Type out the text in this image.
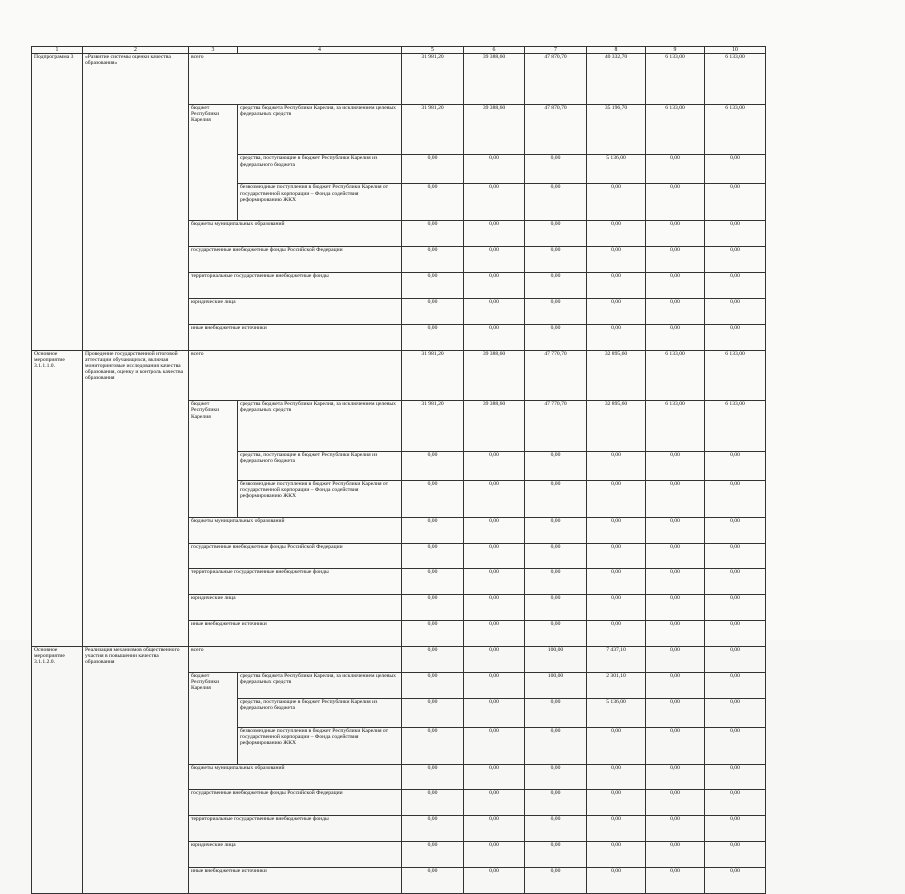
1	2	3	4	5	6	7	8	9	10	
Подпрограмма 3	«Развитие системы оценки качества образования»	всего		31 981,20	39 388,60	47 870,70	40 332,70	6 133,00	6 133,00	
		бюджет Республики Карелия	средства бюджета Республики Карелия, за исключением целевых федеральных средств	31 981,20	39 388,60	47 870,70	35 196,70	6 133,00	6 133,00	
			средства, поступающие в бюджет Республики Карелия из федерального бюджета	0,00	0,00	0,00	5 136,00	0,00	0,00	
			безвозмездные поступления в бюджет Республики Карелия от государственной корпорации – Фонда содействия реформированию ЖКХ	0,00	0,00	0,00	0,00	0,00	0,00	
		бюджеты муниципальных образований		0,00	0,00	0,00	0,00	0,00	0,00	
		государственные внебюджетные фонды Российской Федерации		0,00	0,00	0,00	0,00	0,00	0,00	
		территориальные государственные внебюджетные фонды		0,00	0,00	0,00	0,00	0,00	0,00	
		юридические лица		0,00	0,00	0,00	0,00	0,00	0,00	
		иные внебюджетные источники		0,00	0,00	0,00	0,00	0,00	0,00	
Основное мероприятие 3.1.1.1.0.	Проведение государственной итоговой аттестации обучающихся, включая мониторинговые исследования качества образования, оценку и контроль качества образования	всего		31 981,20	39 388,60	47 770,70	32 895,60	6 133,00	6 133,00	
		бюджет Республики Карелия	средства бюджета Республики Карелия, за исключением целевых федеральных средств	31 981,20	39 388,60	47 770,70	32 895,60	6 133,00	6 133,00	
			средства, поступающие в бюджет Республики Карелия из федерального бюджета	0,00	0,00	0,00	0,00	0,00	0,00	
			безвозмездные поступления в бюджет Республики Карелия от государственной корпорации – Фонда содействия реформированию ЖКХ	0,00	0,00	0,00	0,00	0,00	0,00	
		бюджеты муниципальных образований		0,00	0,00	0,00	0,00	0,00	0,00	
		государственные внебюджетные фонды Российской Федерации		0,00	0,00	0,00	0,00	0,00	0,00	
		территориальные государственные внебюджетные фонды		0,00	0,00	0,00	0,00	0,00	0,00	
		юридические лица		0,00	0,00	0,00	0,00	0,00	0,00	
		иные внебюджетные источники		0,00	0,00	0,00	0,00	0,00	0,00	
Основное мероприятие 3.1.1.2.0.	Реализация механизмов общественного участия в повышении качества образования	всего		0,00	0,00	100,00	7 437,10	0,00	0,00	
		бюджет Республики Карелия	средства бюджета Республики Карелия, за исключением целевых федеральных средств	0,00	0,00	100,00	2 301,10	0,00	0,00	
			средства, поступающие в бюджет Республики Карелия из федерального бюджета	0,00	0,00	0,00	5 136,00	0,00	0,00	
			безвозмездные поступления в бюджет Республики Карелия от государственной корпорации – Фонда содействия реформированию ЖКХ	0,00	0,00	0,00	0,00	0,00	0,00	
		бюджеты муниципальных образований		0,00	0,00	0,00	0,00	0,00	0,00	
		государственные внебюджетные фонды Российской Федерации		0,00	0,00	0,00	0,00	0,00	0,00	
		территориальные государственные внебюджетные фонды		0,00	0,00	0,00	0,00	0,00	0,00	
		юридические лица		0,00	0,00	0,00	0,00	0,00	0,00	
		иные внебюджетные источники		0,00	0,00	0,00	0,00	0,00	0,00	
